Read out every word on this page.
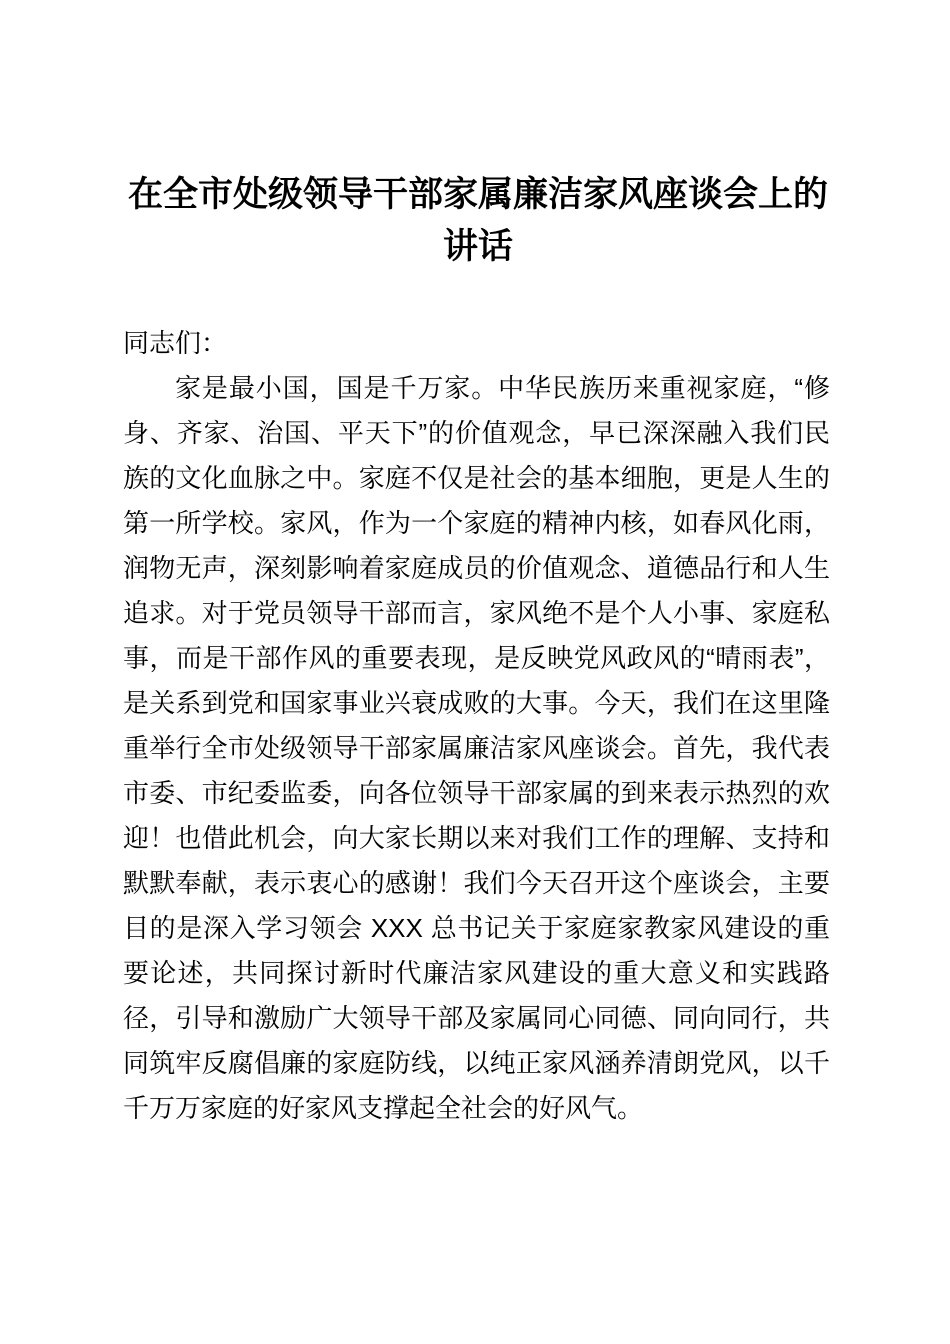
在全市处级领导干部家属廉洁家风座谈会上的讲话

同志们：

家是最小国，国是千万家。中华民族历来重视家庭，“修身、齐家、治国、平天下”的价值观念，早已深深融入我们民族的文化血脉之中。家庭不仅是社会的基本细胞，更是人生的第一所学校。家风，作为一个家庭的精神内核，如春风化雨，润物无声，深刻影响着家庭成员的价值观念、道德品行和人生追求。对于党员领导干部而言，家风绝不是个人小事、家庭私事，而是干部作风的重要表现，是反映党风政风的“晴雨表”，是关系到党和国家事业兴衰成败的大事。今天，我们在这里隆重举行全市处级领导干部家属廉洁家风座谈会。首先，我代表市委、市纪委监委，向各位领导干部家属的到来表示热烈的欢迎！也借此机会，向大家长期以来对我们工作的理解、支持和默默奉献，表示衷心的感谢！我们今天召开这个座谈会，主要目的是深入学习领会 XXX 总书记关于家庭家教家风建设的重要论述，共同探讨新时代廉洁家风建设的重大意义和实践路径，引导和激励广大领导干部及家属同心同德、同向同行，共同筑牢反腐倡廉的家庭防线，以纯正家风涵养清朗党风，以千千万万家庭的好家风支撑起全社会的好风气。
